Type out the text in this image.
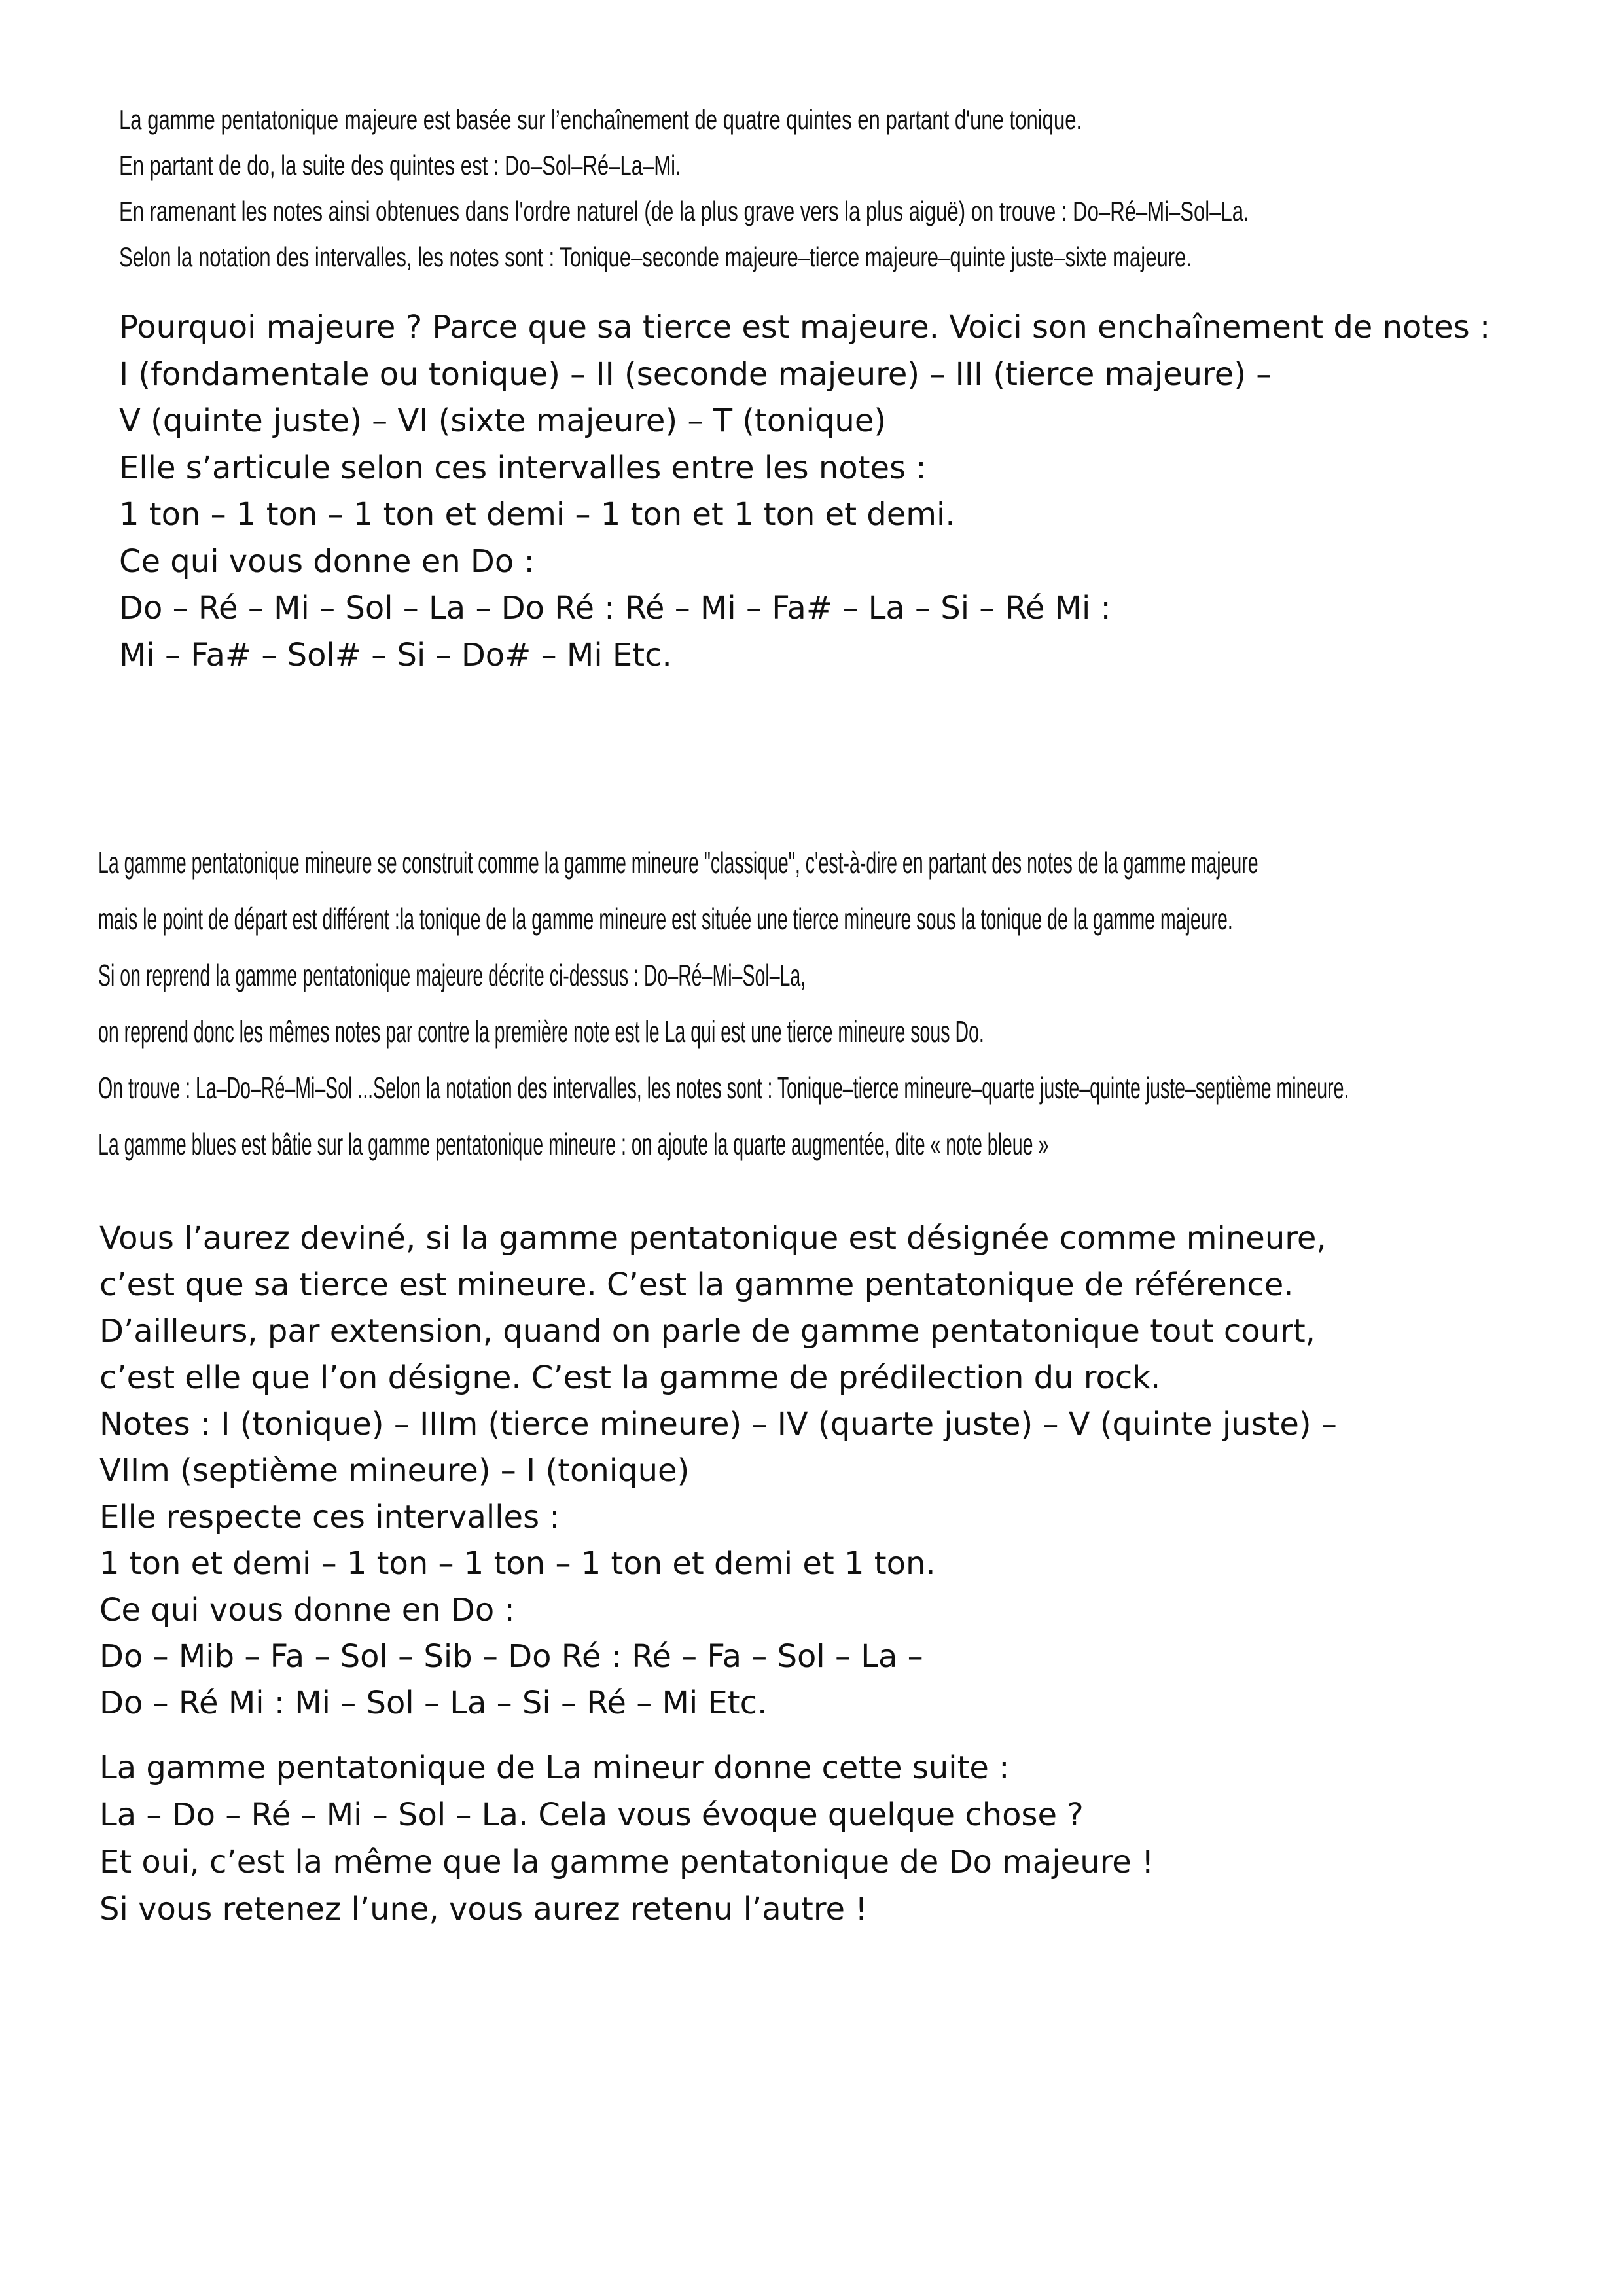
La gamme pentatonique majeure est basée sur l’enchaînement de quatre quintes en partant d'une tonique.
En partant de do, la suite des quintes est : Do–Sol–Ré–La–Mi.
En ramenant les notes ainsi obtenues dans l'ordre naturel (de la plus grave vers la plus aiguë) on trouve : Do–Ré–Mi–Sol–La.
Selon la notation des intervalles, les notes sont : Tonique–seconde majeure–tierce majeure–quinte juste–sixte majeure.
Pourquoi majeure ? Parce que sa tierce est majeure. Voici son enchaînement de notes :
I (fondamentale ou tonique) – II (seconde majeure) – III (tierce majeure) –
V (quinte juste) – VI (sixte majeure) – T (tonique)
Elle s’articule selon ces intervalles entre les notes :
1 ton – 1 ton – 1 ton et demi – 1 ton et 1 ton et demi.
Ce qui vous donne en Do :
Do – Ré – Mi – Sol – La – Do Ré : Ré – Mi – Fa# – La – Si – Ré Mi :
Mi – Fa# – Sol# – Si – Do# – Mi Etc.
La gamme pentatonique mineure se construit comme la gamme mineure "classique", c'est-à-dire en partant des notes de la gamme majeure
mais le point de départ est différent :la tonique de la gamme mineure est située une tierce mineure sous la tonique de la gamme majeure.
Si on reprend la gamme pentatonique majeure décrite ci-dessus : Do–Ré–Mi–Sol–La,
on reprend donc les mêmes notes par contre la première note est le La qui est une tierce mineure sous Do.
On trouve : La–Do–Ré–Mi–Sol ...Selon la notation des intervalles, les notes sont : Tonique–tierce mineure–quarte juste–quinte juste–septième mineure.
La gamme blues est bâtie sur la gamme pentatonique mineure : on ajoute la quarte augmentée, dite « note bleue »
Vous l’aurez deviné, si la gamme pentatonique est désignée comme mineure,
c’est que sa tierce est mineure. C’est la gamme pentatonique de référence.
D’ailleurs, par extension, quand on parle de gamme pentatonique tout court,
c’est elle que l’on désigne. C’est la gamme de prédilection du rock.
Notes : I (tonique) – IIIm (tierce mineure) – IV (quarte juste) – V (quinte juste) –
VIIm (septième mineure) – I (tonique)
Elle respecte ces intervalles :
1 ton et demi – 1 ton – 1 ton – 1 ton et demi et 1 ton.
Ce qui vous donne en Do :
Do – Mib – Fa – Sol – Sib – Do Ré : Ré – Fa – Sol – La –
Do – Ré Mi : Mi – Sol – La – Si – Ré – Mi Etc.
La gamme pentatonique de La mineur donne cette suite :
La – Do – Ré – Mi – Sol – La. Cela vous évoque quelque chose ?
Et oui, c’est la même que la gamme pentatonique de Do majeure !
Si vous retenez l’une, vous aurez retenu l’autre !
